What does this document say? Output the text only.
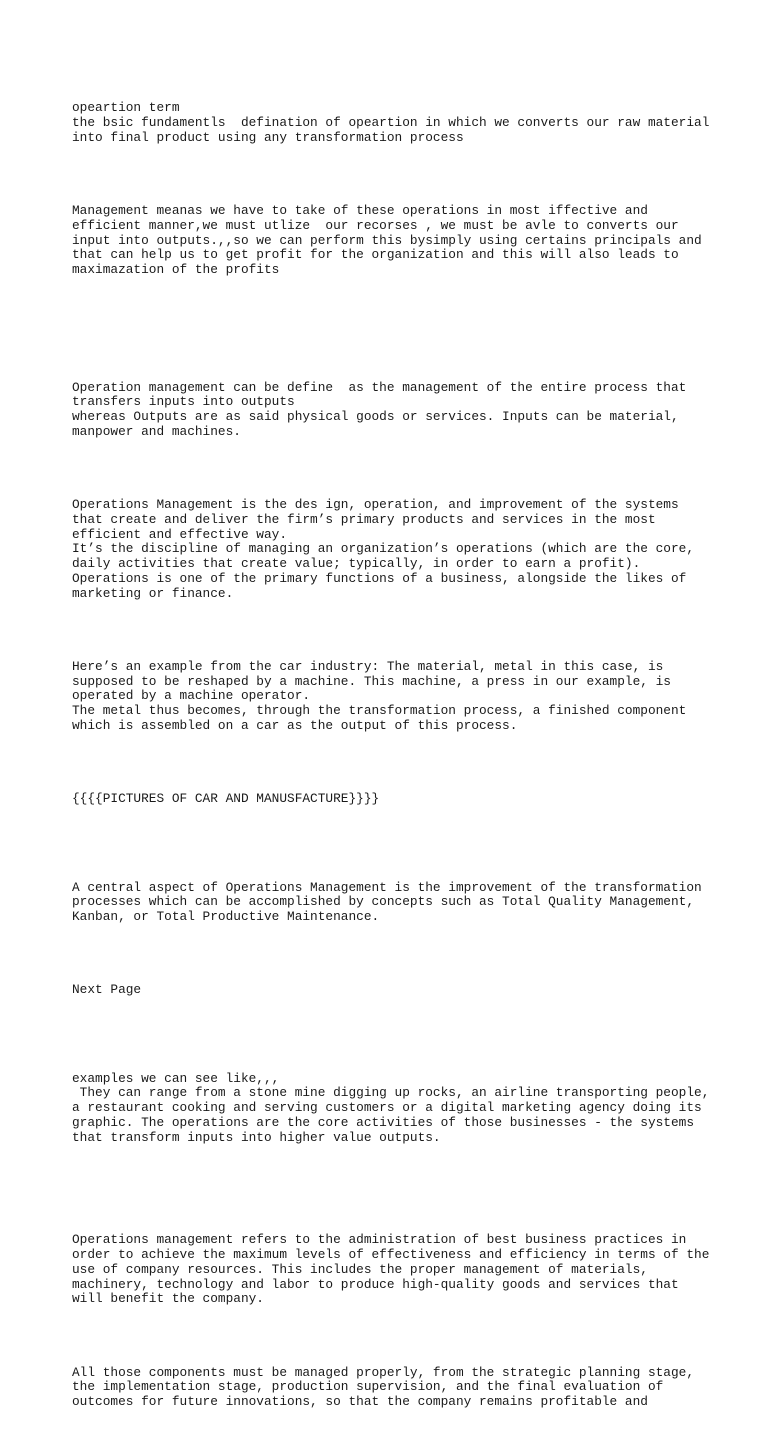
opeartion term
the bsic fundamentls  defination of opeartion in which we converts our raw material
into final product using any transformation process

Management meanas we have to take of these operations in most iffective and
efficient manner,we must utlize  our recorses , we must be avle to converts our
input into outputs.,,so we can perform this bysimply using certains principals and
that can help us to get profit for the organization and this will also leads to
maximazation of the profits

Operation management can be define  as the management of the entire process that
transfers inputs into outputs
whereas Outputs are as said physical goods or services. Inputs can be material,
manpower and machines.

Operations Management is the des ign, operation, and improvement of the systems
that create and deliver the firm’s primary products and services in the most
efficient and effective way.
It’s the discipline of managing an organization’s operations (which are the core,
daily activities that create value; typically, in order to earn a profit).
Operations is one of the primary functions of a business, alongside the likes of
marketing or finance.

Here’s an example from the car industry: The material, metal in this case, is
supposed to be reshaped by a machine. This machine, a press in our example, is
operated by a machine operator.
The metal thus becomes, through the transformation process, a finished component
which is assembled on a car as the output of this process.

{{{{PICTURES OF CAR AND MANUSFACTURE}}}}

A central aspect of Operations Management is the improvement of the transformation
processes which can be accomplished by concepts such as Total Quality Management,
Kanban, or Total Productive Maintenance.

Next Page

examples we can see like,,,
They can range from a stone mine digging up rocks, an airline transporting people,
a restaurant cooking and serving customers or a digital marketing agency doing its
graphic. The operations are the core activities of those businesses - the systems
that transform inputs into higher value outputs.

Operations management refers to the administration of best business practices in
order to achieve the maximum levels of effectiveness and efficiency in terms of the
use of company resources. This includes the proper management of materials,
machinery, technology and labor to produce high-quality goods and services that
will benefit the company.

All those components must be managed properly, from the strategic planning stage,
the implementation stage, production supervision, and the final evaluation of
outcomes for future innovations, so that the company remains profitable and
